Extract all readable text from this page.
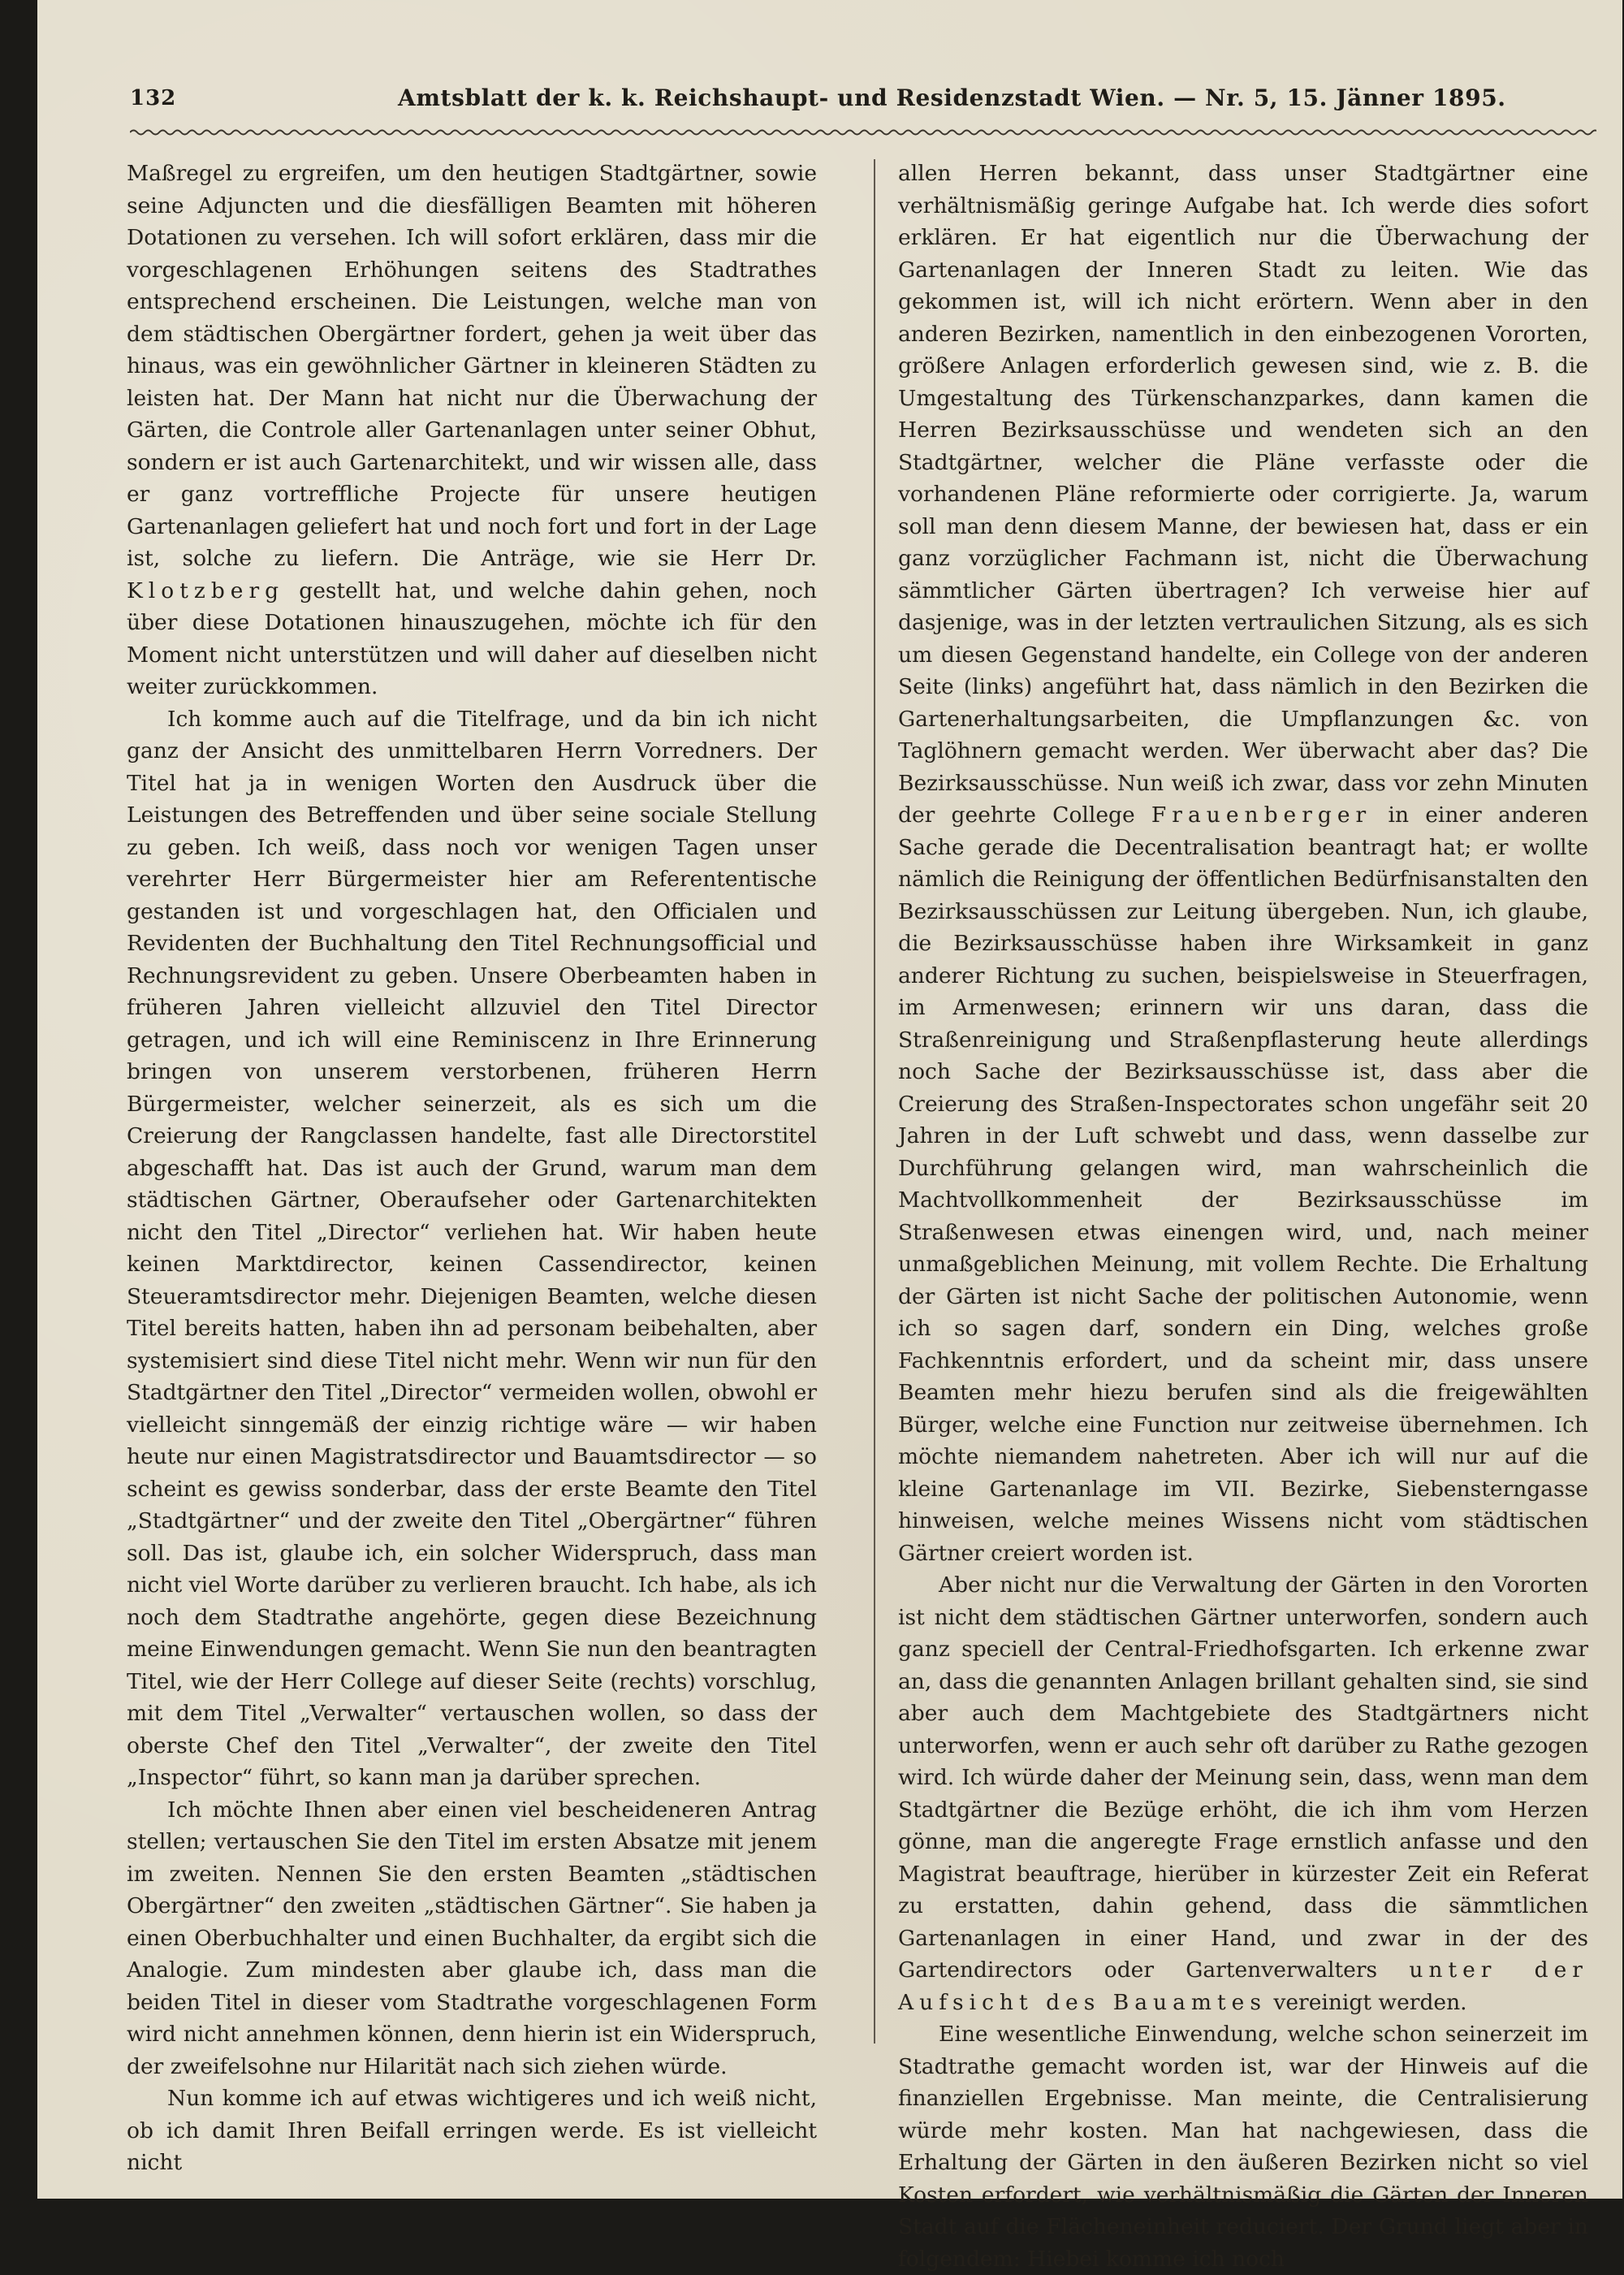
132	Amtsblatt der k. k. Reichshaupt- und Residenzstadt Wien. — Nr. 5, 15. Jänner 1895.

Maßregel zu ergreifen, um den heutigen Stadtgärtner, sowie seine Adjuncten und die diesfälligen Beamten mit höheren Dotationen zu versehen. Ich will sofort erklären, dass mir die vorgeschlagenen Erhöhungen seitens des Stadtrathes entsprechend erscheinen. Die Leistungen, welche man von dem städtischen Obergärtner fordert, gehen ja weit über das hinaus, was ein gewöhnlicher Gärtner in kleineren Städten zu leisten hat. Der Mann hat nicht nur die Überwachung der Gärten, die Controle aller Gartenanlagen unter seiner Obhut, sondern er ist auch Gartenarchitekt, und wir wissen alle, dass er ganz vortreffliche Projecte für unsere heutigen Gartenanlagen geliefert hat und noch fort und fort in der Lage ist, solche zu liefern. Die Anträge, wie sie Herr Dr. Klotzberg gestellt hat, und welche dahin gehen, noch über diese Dotationen hinauszugehen, möchte ich für den Moment nicht unterstützen und will daher auf dieselben nicht weiter zurückkommen.

Ich komme auch auf die Titelfrage, und da bin ich nicht ganz der Ansicht des unmittelbaren Herrn Vorredners. Der Titel hat ja in wenigen Worten den Ausdruck über die Leistungen des Betreffenden und über seine sociale Stellung zu geben. Ich weiß, dass noch vor wenigen Tagen unser verehrter Herr Bürgermeister hier am Referententische gestanden ist und vorgeschlagen hat, den Officialen und Revidenten der Buchhaltung den Titel Rechnungsofficial und Rechnungsrevident zu geben. Unsere Oberbeamten haben in früheren Jahren vielleicht allzuviel den Titel Director getragen, und ich will eine Reminiscenz in Ihre Erinnerung bringen von unserem verstorbenen, früheren Herrn Bürgermeister, welcher seinerzeit, als es sich um die Creierung der Rangclassen handelte, fast alle Directorstitel abgeschafft hat. Das ist auch der Grund, warum man dem städtischen Gärtner, Oberaufseher oder Gartenarchitekten nicht den Titel „Director“ verliehen hat. Wir haben heute keinen Marktdirector, keinen Cassendirector, keinen Steueramtsdirector mehr. Diejenigen Beamten, welche diesen Titel bereits hatten, haben ihn ad personam beibehalten, aber systemisiert sind diese Titel nicht mehr. Wenn wir nun für den Stadtgärtner den Titel „Director“ vermeiden wollen, obwohl er vielleicht sinngemäß der einzig richtige wäre — wir haben heute nur einen Magistratsdirector und Bauamtsdirector — so scheint es gewiss sonderbar, dass der erste Beamte den Titel „Stadtgärtner“ und der zweite den Titel „Obergärtner“ führen soll. Das ist, glaube ich, ein solcher Widerspruch, dass man nicht viel Worte darüber zu verlieren braucht. Ich habe, als ich noch dem Stadtrathe angehörte, gegen diese Bezeichnung meine Einwendungen gemacht. Wenn Sie nun den beantragten Titel, wie der Herr College auf dieser Seite (rechts) vorschlug, mit dem Titel „Verwalter“ vertauschen wollen, so dass der oberste Chef den Titel „Verwalter“, der zweite den Titel „Inspector“ führt, so kann man ja darüber sprechen.

Ich möchte Ihnen aber einen viel bescheideneren Antrag stellen; vertauschen Sie den Titel im ersten Absatze mit jenem im zweiten. Nennen Sie den ersten Beamten „städtischen Obergärtner“ den zweiten „städtischen Gärtner“. Sie haben ja einen Oberbuchhalter und einen Buchhalter, da ergibt sich die Analogie. Zum mindesten aber glaube ich, dass man die beiden Titel in dieser vom Stadtrathe vorgeschlagenen Form wird nicht annehmen können, denn hierin ist ein Widerspruch, der zweifelsohne nur Hilarität nach sich ziehen würde.

Nun komme ich auf etwas wichtigeres und ich weiß nicht, ob ich damit Ihren Beifall erringen werde. Es ist vielleicht nicht

allen Herren bekannt, dass unser Stadtgärtner eine verhältnismäßig geringe Aufgabe hat. Ich werde dies sofort erklären. Er hat eigentlich nur die Überwachung der Gartenanlagen der Inneren Stadt zu leiten. Wie das gekommen ist, will ich nicht erörtern. Wenn aber in den anderen Bezirken, namentlich in den einbezogenen Vororten, größere Anlagen erforderlich gewesen sind, wie z. B. die Umgestaltung des Türkenschanzparkes, dann kamen die Herren Bezirksausschüsse und wendeten sich an den Stadtgärtner, welcher die Pläne verfasste oder die vorhandenen Pläne reformierte oder corrigierte. Ja, warum soll man denn diesem Manne, der bewiesen hat, dass er ein ganz vorzüglicher Fachmann ist, nicht die Überwachung sämmtlicher Gärten übertragen? Ich verweise hier auf dasjenige, was in der letzten vertraulichen Sitzung, als es sich um diesen Gegenstand handelte, ein College von der anderen Seite (links) angeführt hat, dass nämlich in den Bezirken die Gartenerhaltungsarbeiten, die Umpflanzungen &c. von Taglöhnern gemacht werden. Wer überwacht aber das? Die Bezirksausschüsse. Nun weiß ich zwar, dass vor zehn Minuten der geehrte College Frauenberger in einer anderen Sache gerade die Decentralisation beantragt hat; er wollte nämlich die Reinigung der öffentlichen Bedürfnisanstalten den Bezirksausschüssen zur Leitung übergeben. Nun, ich glaube, die Bezirksausschüsse haben ihre Wirksamkeit in ganz anderer Richtung zu suchen, beispielsweise in Steuerfragen, im Armenwesen; erinnern wir uns daran, dass die Straßenreinigung und Straßenpflasterung heute allerdings noch Sache der Bezirksausschüsse ist, dass aber die Creierung des Straßen-Inspectorates schon ungefähr seit 20 Jahren in der Luft schwebt und dass, wenn dasselbe zur Durchführung gelangen wird, man wahrscheinlich die Machtvollkommenheit der Bezirksausschüsse im Straßenwesen etwas einengen wird, und, nach meiner unmaßgeblichen Meinung, mit vollem Rechte. Die Erhaltung der Gärten ist nicht Sache der politischen Autonomie, wenn ich so sagen darf, sondern ein Ding, welches große Fachkenntnis erfordert, und da scheint mir, dass unsere Beamten mehr hiezu berufen sind als die freigewählten Bürger, welche eine Function nur zeitweise übernehmen. Ich möchte niemandem nahetreten. Aber ich will nur auf die kleine Gartenanlage im VII. Bezirke, Siebensterngasse hinweisen, welche meines Wissens nicht vom städtischen Gärtner creiert worden ist.

Aber nicht nur die Verwaltung der Gärten in den Vororten ist nicht dem städtischen Gärtner unterworfen, sondern auch ganz speciell der Central-Friedhofsgarten. Ich erkenne zwar an, dass die genannten Anlagen brillant gehalten sind, sie sind aber auch dem Machtgebiete des Stadtgärtners nicht unterworfen, wenn er auch sehr oft darüber zu Rathe gezogen wird. Ich würde daher der Meinung sein, dass, wenn man dem Stadtgärtner die Bezüge erhöht, die ich ihm vom Herzen gönne, man die angeregte Frage ernstlich anfasse und den Magistrat beauftrage, hierüber in kürzester Zeit ein Referat zu erstatten, dahin gehend, dass die sämmtlichen Gartenanlagen in einer Hand, und zwar in der des Gartendirectors oder Gartenverwalters unter der Aufsicht des Bauamtes vereinigt werden.

Eine wesentliche Einwendung, welche schon seinerzeit im Stadtrathe gemacht worden ist, war der Hinweis auf die finanziellen Ergebnisse. Man meinte, die Centralisierung würde mehr kosten. Man hat nachgewiesen, dass die Erhaltung der Gärten in den äußeren Bezirken nicht so viel Kosten erfordert, wie verhältnismäßig die Gärten der Inneren Stadt auf die Flächeneinheit reduciert. Der Grund liegt aber in folgendem: Hiebei komme ich noch
